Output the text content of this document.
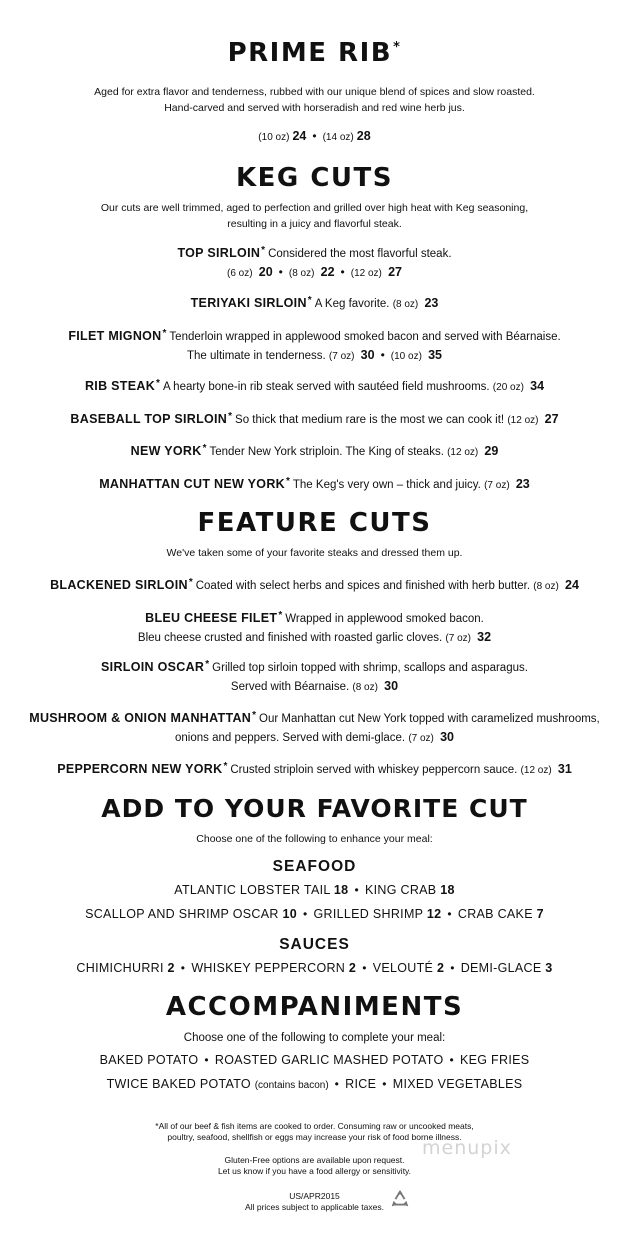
PRIME RIB*

Aged for extra flavor and tenderness, rubbed with our unique blend of spices and slow roasted.

Hand-carved and served with horseradish and red wine herb jus.

(10 oz) 24 • (14 oz) 28

KEG CUTS

Our cuts are well trimmed, aged to perfection and grilled over high heat with Keg seasoning,

resulting in a juicy and flavorful steak.

TOP SIRLOIN* Considered the most flavorful steak.

(6 oz) 20 • (8 oz) 22 • (12 oz) 27

TERIYAKI SIRLOIN* A Keg favorite. (8 oz) 23

FILET MIGNON* Tenderloin wrapped in applewood smoked bacon and served with Béarnaise.

The ultimate in tenderness. (7 oz) 30 • (10 oz) 35

RIB STEAK* A hearty bone-in rib steak served with sautéed field mushrooms. (20 oz) 34

BASEBALL TOP SIRLOIN* So thick that medium rare is the most we can cook it! (12 oz) 27

NEW YORK* Tender New York striploin. The King of steaks. (12 oz) 29

MANHATTAN CUT NEW YORK* The Keg's very own – thick and juicy. (7 oz) 23

FEATURE CUTS

We've taken some of your favorite steaks and dressed them up.

BLACKENED SIRLOIN* Coated with select herbs and spices and finished with herb butter. (8 oz) 24

BLEU CHEESE FILET* Wrapped in applewood smoked bacon.

Bleu cheese crusted and finished with roasted garlic cloves. (7 oz) 32

SIRLOIN OSCAR* Grilled top sirloin topped with shrimp, scallops and asparagus.

Served with Béarnaise. (8 oz) 30

MUSHROOM & ONION MANHATTAN* Our Manhattan cut New York topped with caramelized mushrooms,

onions and peppers. Served with demi-glace. (7 oz) 30

PEPPERCORN NEW YORK* Crusted striploin served with whiskey peppercorn sauce. (12 oz) 31

ADD TO YOUR FAVORITE CUT

Choose one of the following to enhance your meal:

SEAFOOD

ATLANTIC LOBSTER TAIL 18 • KING CRAB 18

SCALLOP AND SHRIMP OSCAR 10 • GRILLED SHRIMP 12 • CRAB CAKE 7

SAUCES

CHIMICHURRI 2 • WHISKEY PEPPERCORN 2 • VELOUTÉ 2 • DEMI-GLACE 3

ACCOMPANIMENTS

Choose one of the following to complete your meal:

BAKED POTATO • ROASTED GARLIC MASHED POTATO • KEG FRIES

TWICE BAKED POTATO (contains bacon) • RICE • MIXED VEGETABLES

*All of our beef & fish items are cooked to order. Consuming raw or uncooked meats,

poultry, seafood, shellfish or eggs may increase your risk of food borne illness.

Gluten-Free options are available upon request.

Let us know if you have a food allergy or sensitivity.

US/APR2015

All prices subject to applicable taxes.

menupix
